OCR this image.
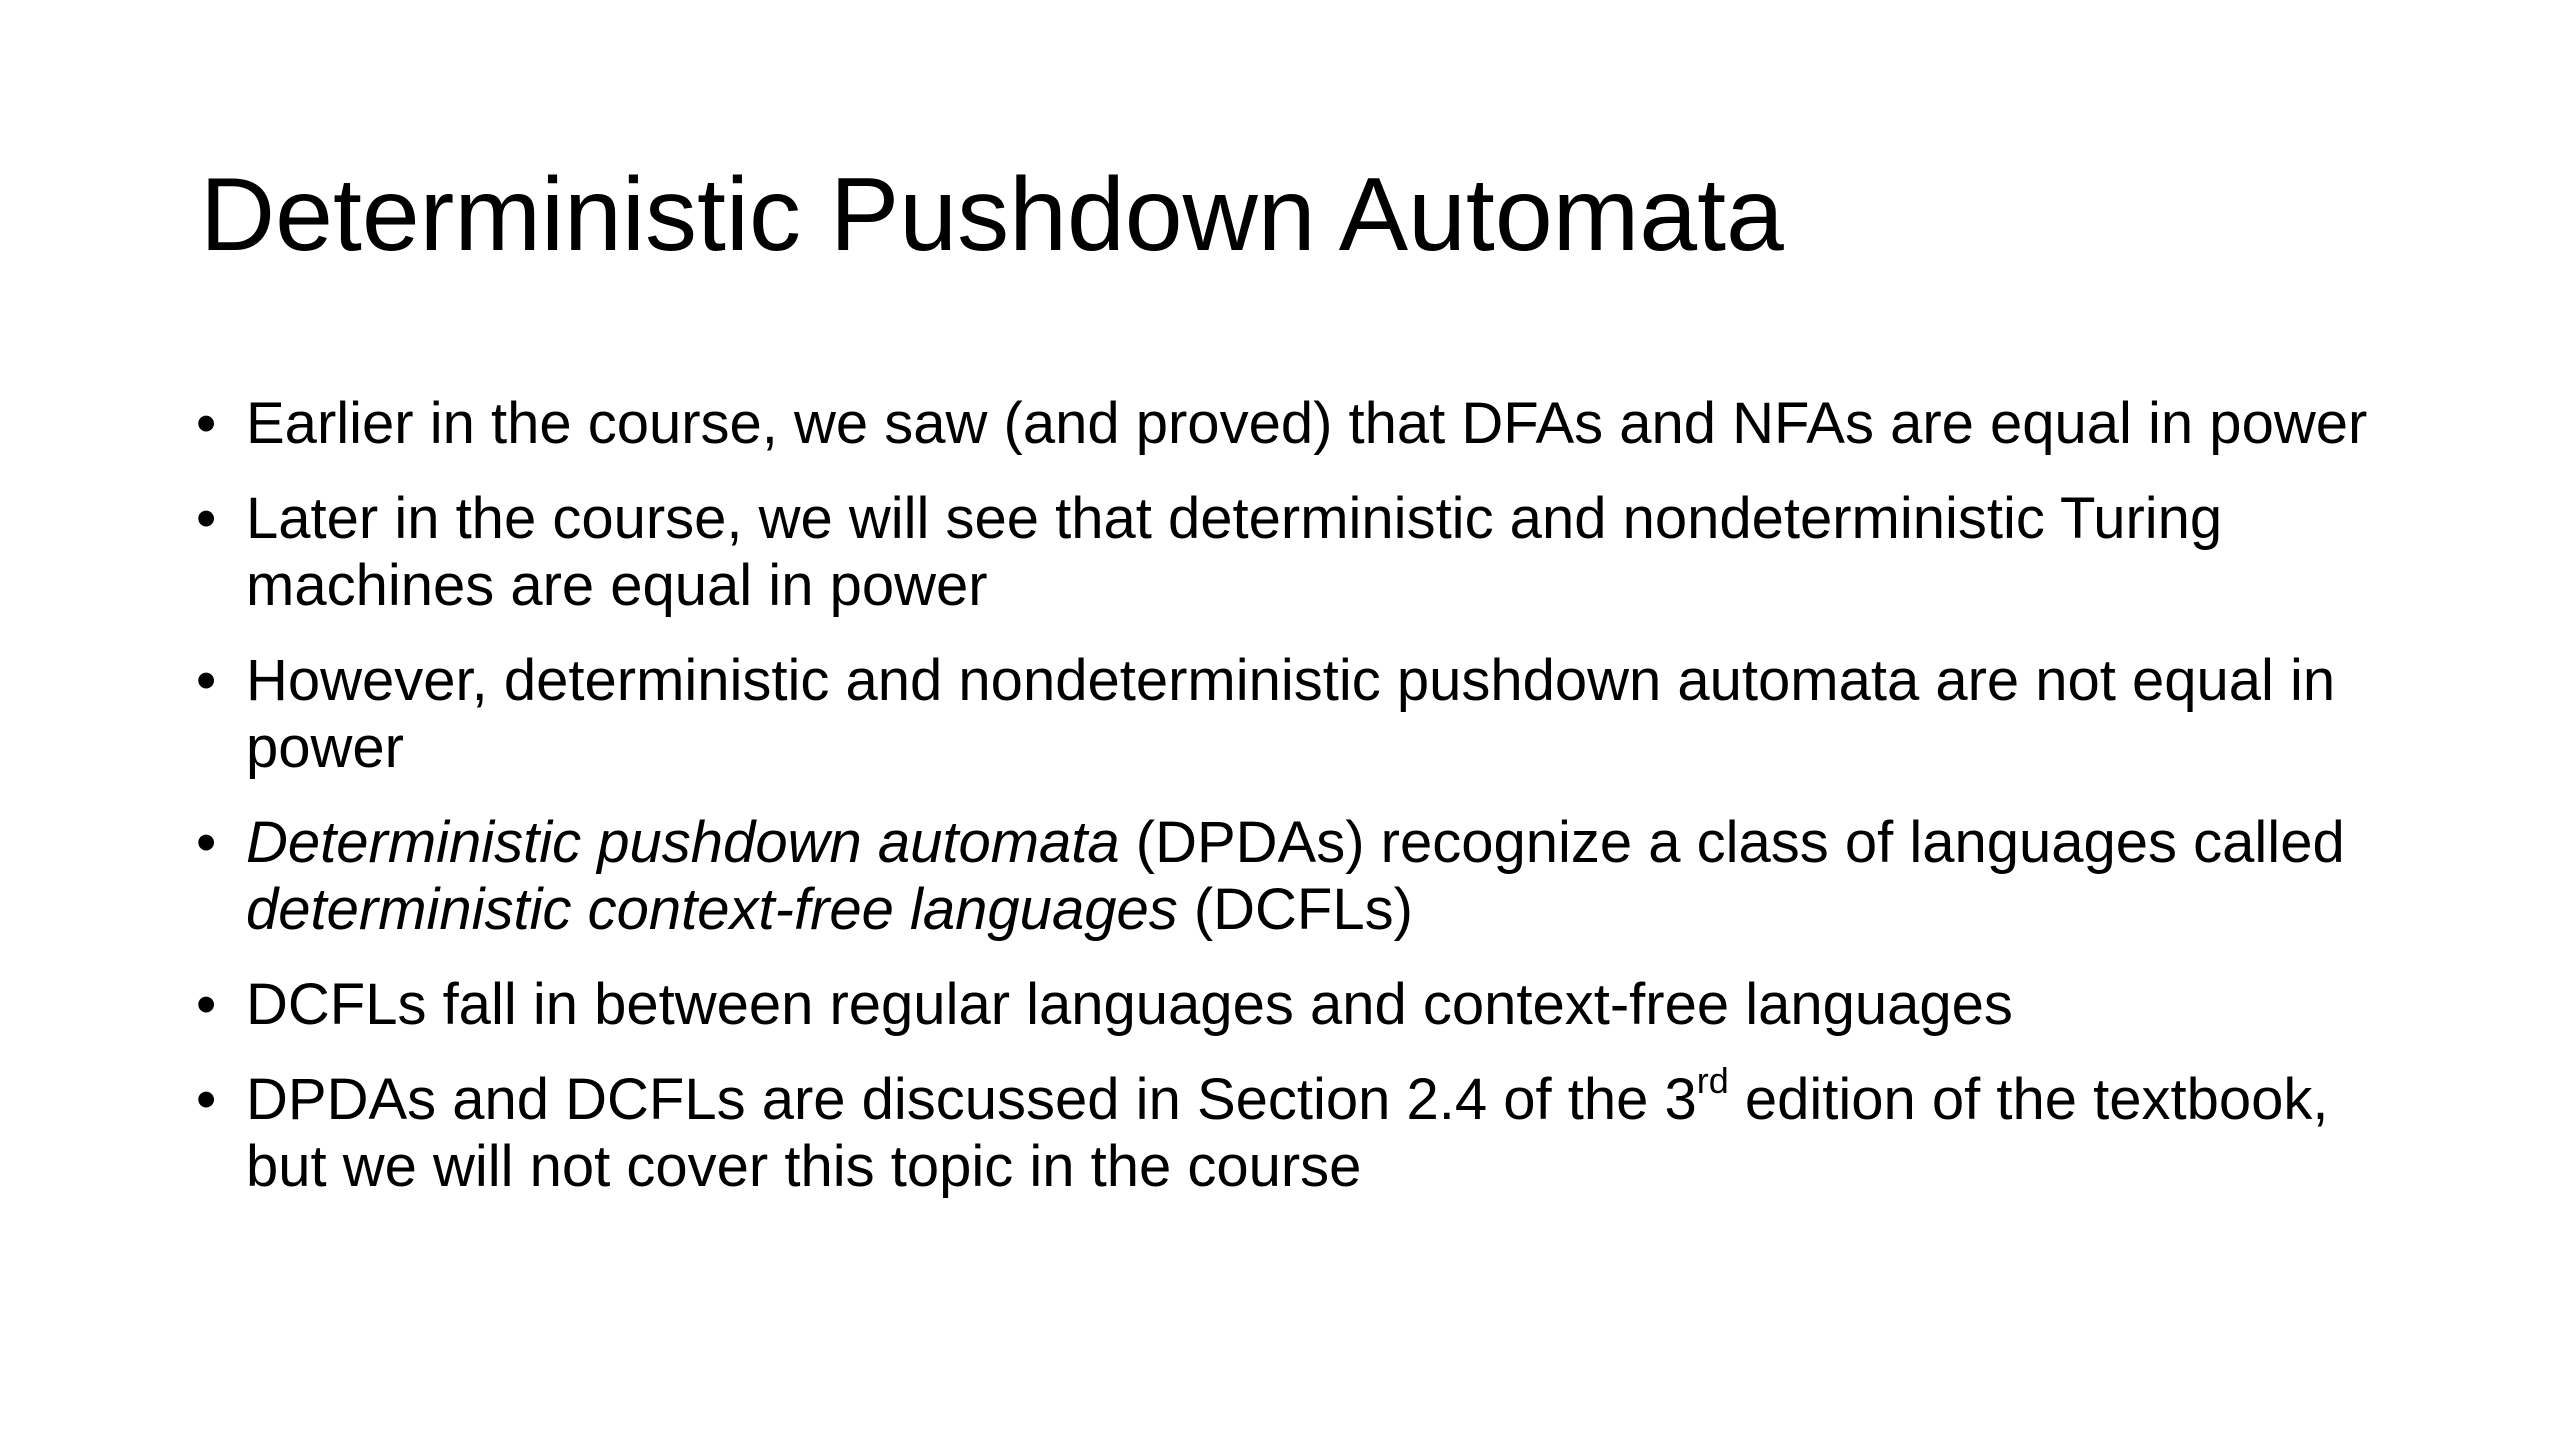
Deterministic Pushdown Automata
• Earlier in the course, we saw (and proved) that DFAs and NFAs are equal in power
• Later in the course, we will see that deterministic and nondeterministic Turing machines are equal in power
• However, deterministic and nondeterministic pushdown automata are not equal in power
• Deterministic pushdown automata (DPDAs) recognize a class of languages called deterministic context-free languages (DCFLs)
• DCFLs fall in between regular languages and context-free languages
• DPDAs and DCFLs are discussed in Section 2.4 of the 3rd edition of the textbook, but we will not cover this topic in the course
